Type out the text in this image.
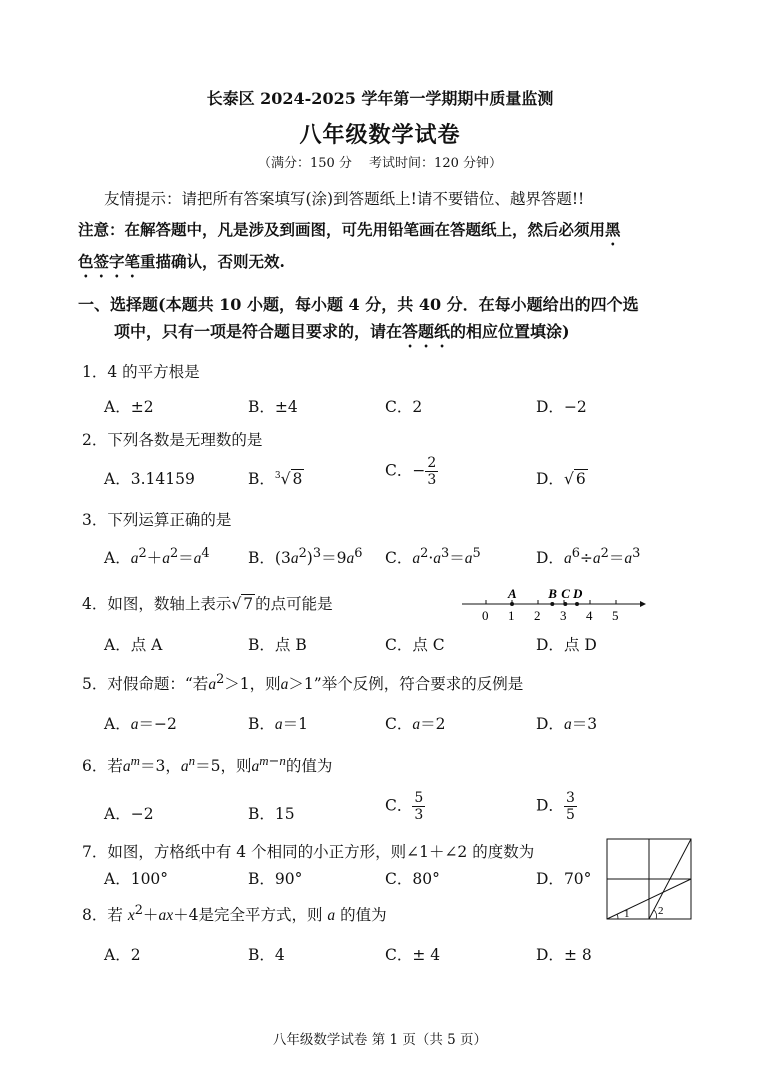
长泰区 2024-2025 学年第一学期期中质量监测
八年级数学试卷
（满分：150 分　 考试时间：120 分钟）
友情提示：请把所有答案填写(涂)到答题纸上!请不要错位、越界答题!!
注意：在解答题中，凡是涉及到画图，可先用铅笔画在答题纸上，然后必须用黑
色签字笔重描确认，否则无效.
一、选择题(本题共 10 小题，每小题 4 分，共 40 分．在每小题给出的四个选
项中，只有一项是符合题目要求的，请在答题纸的相应位置填涂)
1．4 的平方根是
A．±2	B．±4	C．2	D．−2
2．下列各数是无理数的是
A．3.14159	B．$^3$√ 8	C．− $\frac{2}{3}$	D．√ 6
3．下列运算正确的是
A．$a^2+a^2=a^4$ B．$(3a^2)^3=9a^6$ C．$a^2\cdot a^3=a^5$	D．$a^6\div a^2=a^3$
4．如图，数轴上表示√ 7 的点可能是
0 1 2 3 4 5
A B C D
A．点 A	B．点 B	C．点 C	D．点 D
5．对假命题：“若$a^2>1$，则a＞1”举个反例，符合要求的反例是
A．a＝−2	B．a＝1	C．a＝2	D．a＝3
6．若$a^m=3$，$a^n=5$，则$a^{m-n}$的值为
A．−2	B．15	C． $\frac{5}{3}$	D． $\frac{3}{5}$
7．如图，方格纸中有 4 个相同的小正方形，则∠1＋∠2 的度数为
A．100°	B．90°	C．80°	D．70°
1	2
8．若 $x^2+ax+4$是完全平方式，则 a 的值为
A．2	B．4	C．± 4	D．± 8
八年级数学试卷 第 1 页（共 5 页）
